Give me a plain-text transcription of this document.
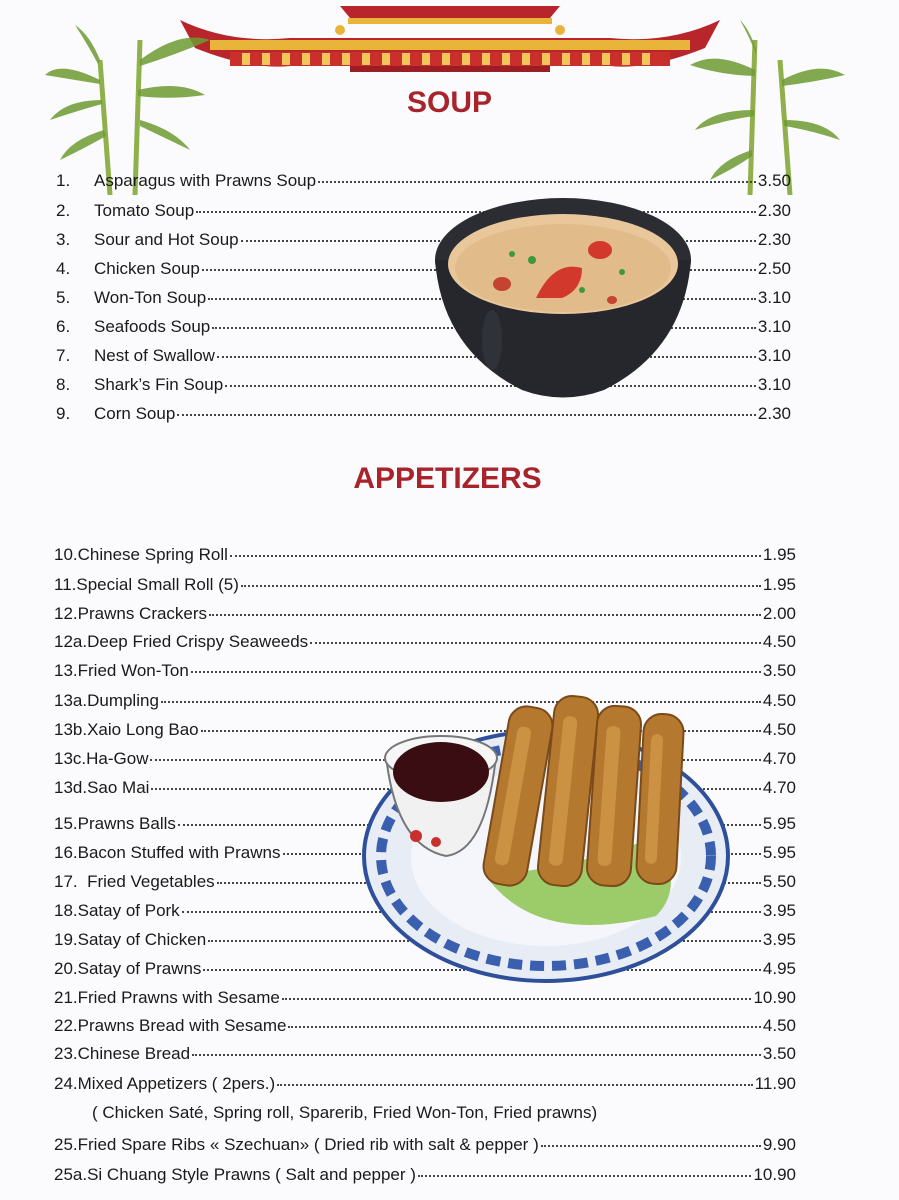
SOUP
1.	Asparagus with Prawns Soup	3.50
2.	Tomato Soup	2.30
3.	Sour and Hot Soup	2.30
4.	Chicken Soup	2.50
5.	Won-Ton Soup	3.10
6.	Seafoods Soup	3.10
7.	Nest of Swallow	3.10
8.	Shark’s Fin Soup	3.10
9.	Corn Soup	2.30
APPETIZERS
10.Chinese Spring Roll	1.95
11.Special Small Roll (5)	1.95
12.Prawns Crackers	2.00
12a.Deep Fried Crispy Seaweeds	4.50
13.Fried Won-Ton	3.50
13a.Dumpling	4.50
13b.Xaio Long Bao	4.50
13c.Ha-Gow	4.70
13d.Sao Mai	4.70
15.Prawns Balls	5.95
16.Bacon Stuffed with Prawns	5.95
17.  Fried Vegetables	5.50
18.Satay of Pork	3.95
19.Satay of Chicken	3.95
20.Satay of Prawns	4.95
21.Fried Prawns with Sesame	10.90
22.Prawns Bread with Sesame	4.50
23.Chinese Bread	3.50
24.Mixed Appetizers ( 2pers.)	11.90
( Chicken Saté, Spring roll, Sparerib, Fried Won-Ton, Fried prawns)
25.Fried Spare Ribs « Szechuan» ( Dried rib with salt & pepper )	9.90
25a.Si Chuang Style Prawns ( Salt and pepper )	10.90
